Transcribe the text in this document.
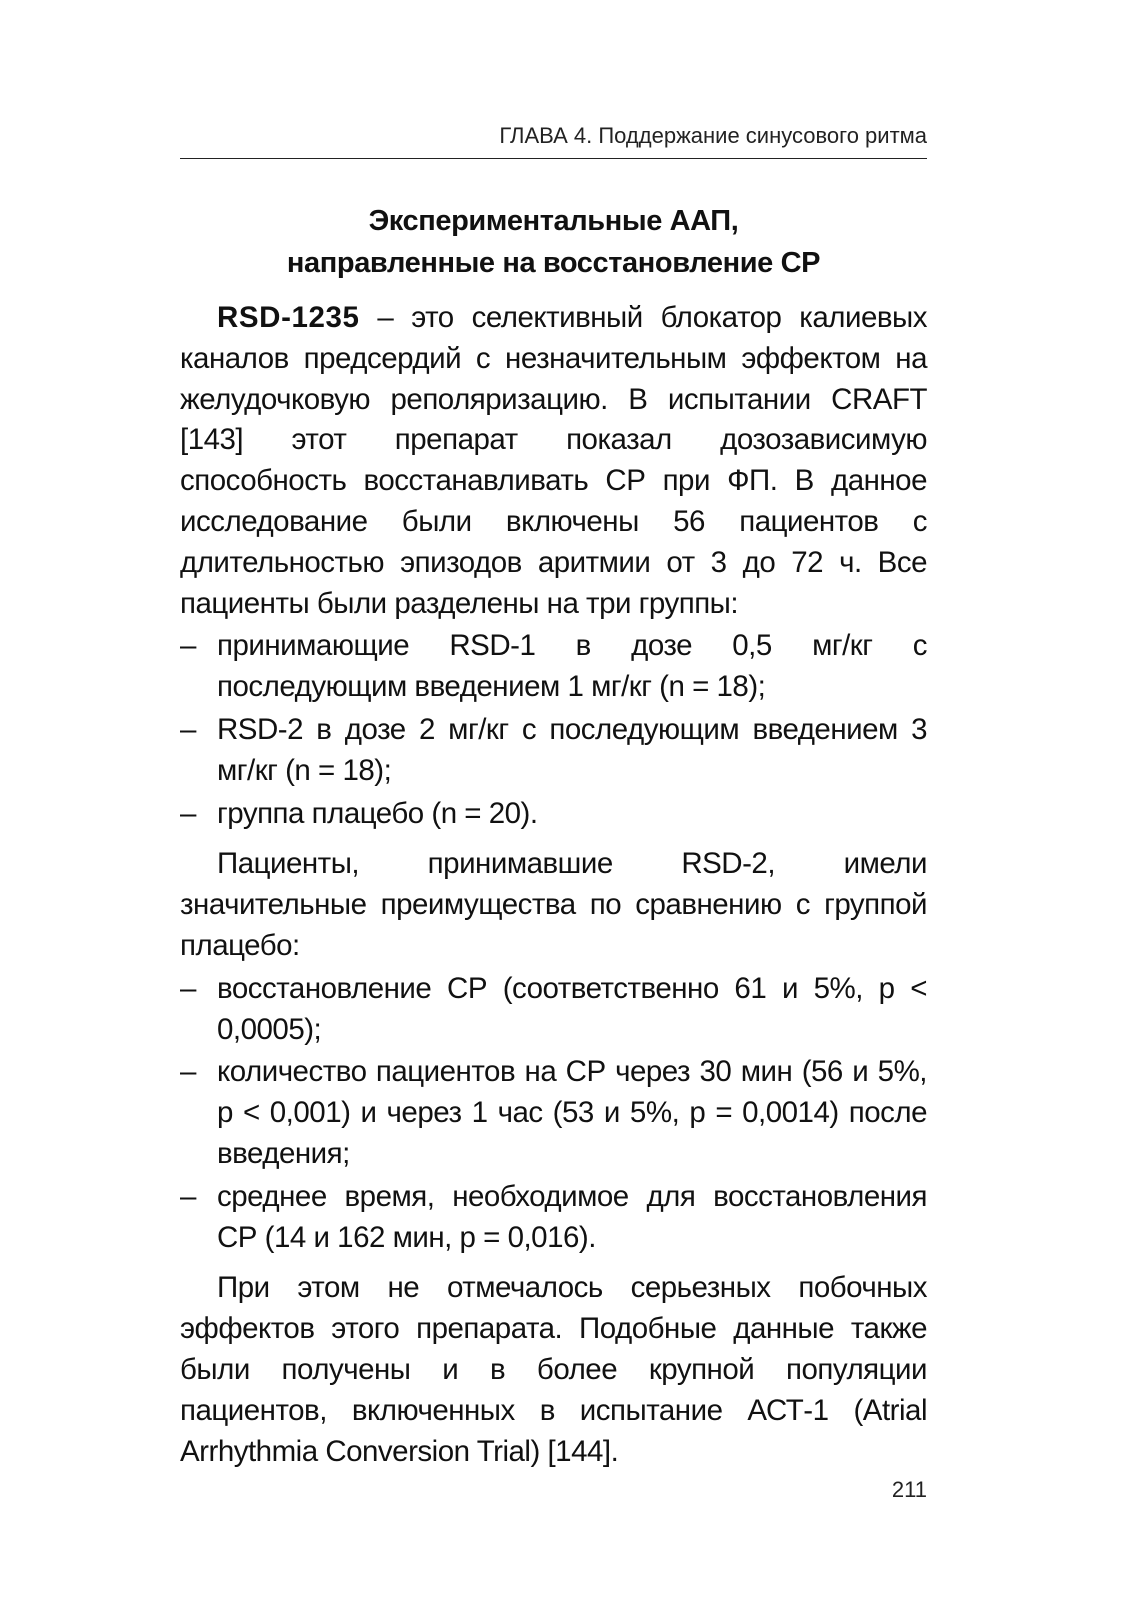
ГЛАВА 4. Поддержание синусового ритма
Экспериментальные ААП,
направленные на восстановление СР

RSD-1235 – это селективный блокатор калиевых каналов предсердий с незначительным эффектом на желудочковую реполяризацию. В испытании CRAFT [143] этот препарат показал дозозависимую способность восстанавливать СР при ФП. В данное исследование были включены 56 пациентов с длительностью эпизодов аритмии от 3 до 72 ч. Все пациенты были разделены на три группы:

– принимающие RSD-1 в дозе 0,5 мг/кг с последующим введением 1 мг/кг (n = 18);
– RSD-2 в дозе 2 мг/кг с последующим введением 3 мг/кг (n = 18);
– группа плацебо (n = 20).

Пациенты, принимавшие RSD-2, имели значительные преимущества по сравнению с группой плацебо:

– восстановление СР (соответственно 61 и 5%, р < 0,0005);
– количество пациентов на СР через 30 мин (56 и 5%, р < 0,001) и через 1 час (53 и 5%, р = 0,0014) после введения;
– среднее время, необходимое для восстановления СР (14 и 162 мин, р = 0,016).

При этом не отмечалось серьезных побочных эффектов этого препарата. Подобные данные также были получены и в более крупной популяции пациентов, включенных в испытание АСТ-1 (Atrial Arrhythmia Conversion Trial) [144].

211
